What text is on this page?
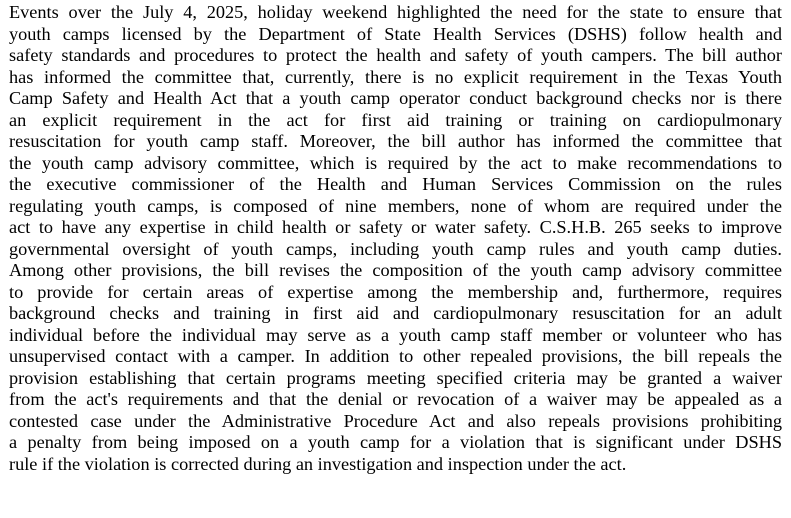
Events over the July 4, 2025, holiday weekend highlighted the need for the state to ensure that
youth camps licensed by the Department of State Health Services (DSHS) follow health and
safety standards and procedures to protect the health and safety of youth campers. The bill author
has informed the committee that, currently, there is no explicit requirement in the Texas Youth
Camp Safety and Health Act that a youth camp operator conduct background checks nor is there
an explicit requirement in the act for first aid training or training on cardiopulmonary
resuscitation for youth camp staff. Moreover, the bill author has informed the committee that
the youth camp advisory committee, which is required by the act to make recommendations to
the executive commissioner of the Health and Human Services Commission on the rules
regulating youth camps, is composed of nine members, none of whom are required under the
act to have any expertise in child health or safety or water safety. C.S.H.B. 265 seeks to improve
governmental oversight of youth camps, including youth camp rules and youth camp duties.
Among other provisions, the bill revises the composition of the youth camp advisory committee
to provide for certain areas of expertise among the membership and, furthermore, requires
background checks and training in first aid and cardiopulmonary resuscitation for an adult
individual before the individual may serve as a youth camp staff member or volunteer who has
unsupervised contact with a camper. In addition to other repealed provisions, the bill repeals the
provision establishing that certain programs meeting specified criteria may be granted a waiver
from the act's requirements and that the denial or revocation of a waiver may be appealed as a
contested case under the Administrative Procedure Act and also repeals provisions prohibiting
a penalty from being imposed on a youth camp for a violation that is significant under DSHS
rule if the violation is corrected during an investigation and inspection under the act.
